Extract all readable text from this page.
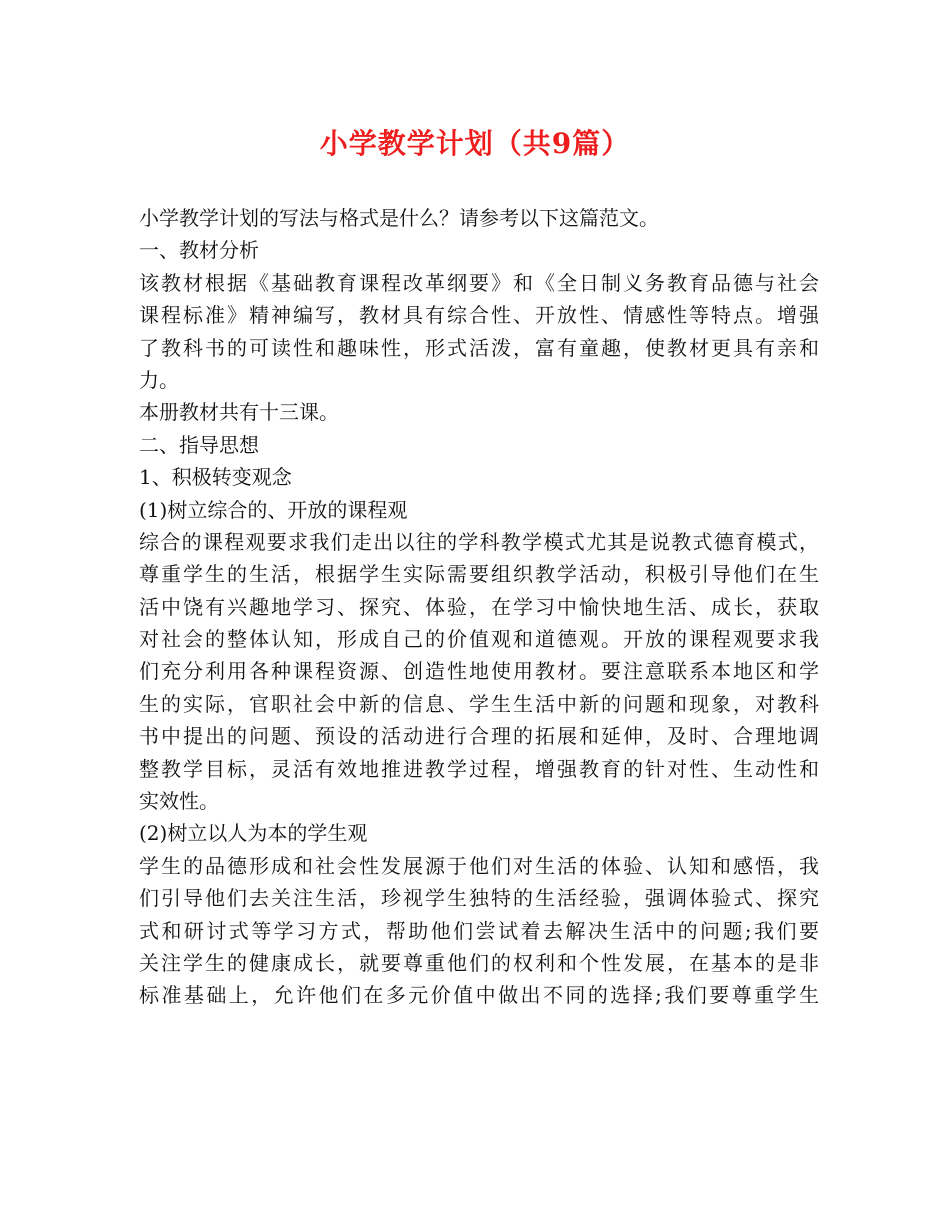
小学教学计划（共9篇）
小学教学计划的写法与格式是什么？请参考以下这篇范文。
一、教材分析
该教材根据《基础教育课程改革纲要》和《全日制义务教育品德与社会
课程标准》精神编写，教材具有综合性、开放性、情感性等特点。增强
了教科书的可读性和趣味性，形式活泼，富有童趣，使教材更具有亲和
力。
本册教材共有十三课。
二、指导思想
1、积极转变观念
(1)树立综合的、开放的课程观
综合的课程观要求我们走出以往的学科教学模式尤其是说教式德育模式，
尊重学生的生活，根据学生实际需要组织教学活动，积极引导他们在生
活中饶有兴趣地学习、探究、体验，在学习中愉快地生活、成长，获取
对社会的整体认知，形成自己的价值观和道德观。开放的课程观要求我
们充分利用各种课程资源、创造性地使用教材。要注意联系本地区和学
生的实际，官职社会中新的信息、学生生活中新的问题和现象，对教科
书中提出的问题、预设的活动进行合理的拓展和延伸，及时、合理地调
整教学目标，灵活有效地推进教学过程，增强教育的针对性、生动性和
实效性。
(2)树立以人为本的学生观
学生的品德形成和社会性发展源于他们对生活的体验、认知和感悟，我
们引导他们去关注生活，珍视学生独特的生活经验，强调体验式、探究
式和研讨式等学习方式，帮助他们尝试着去解决生活中的问题;我们要
关注学生的健康成长，就要尊重他们的权利和个性发展，在基本的是非
标准基础上，允许他们在多元价值中做出不同的选择;我们要尊重学生
